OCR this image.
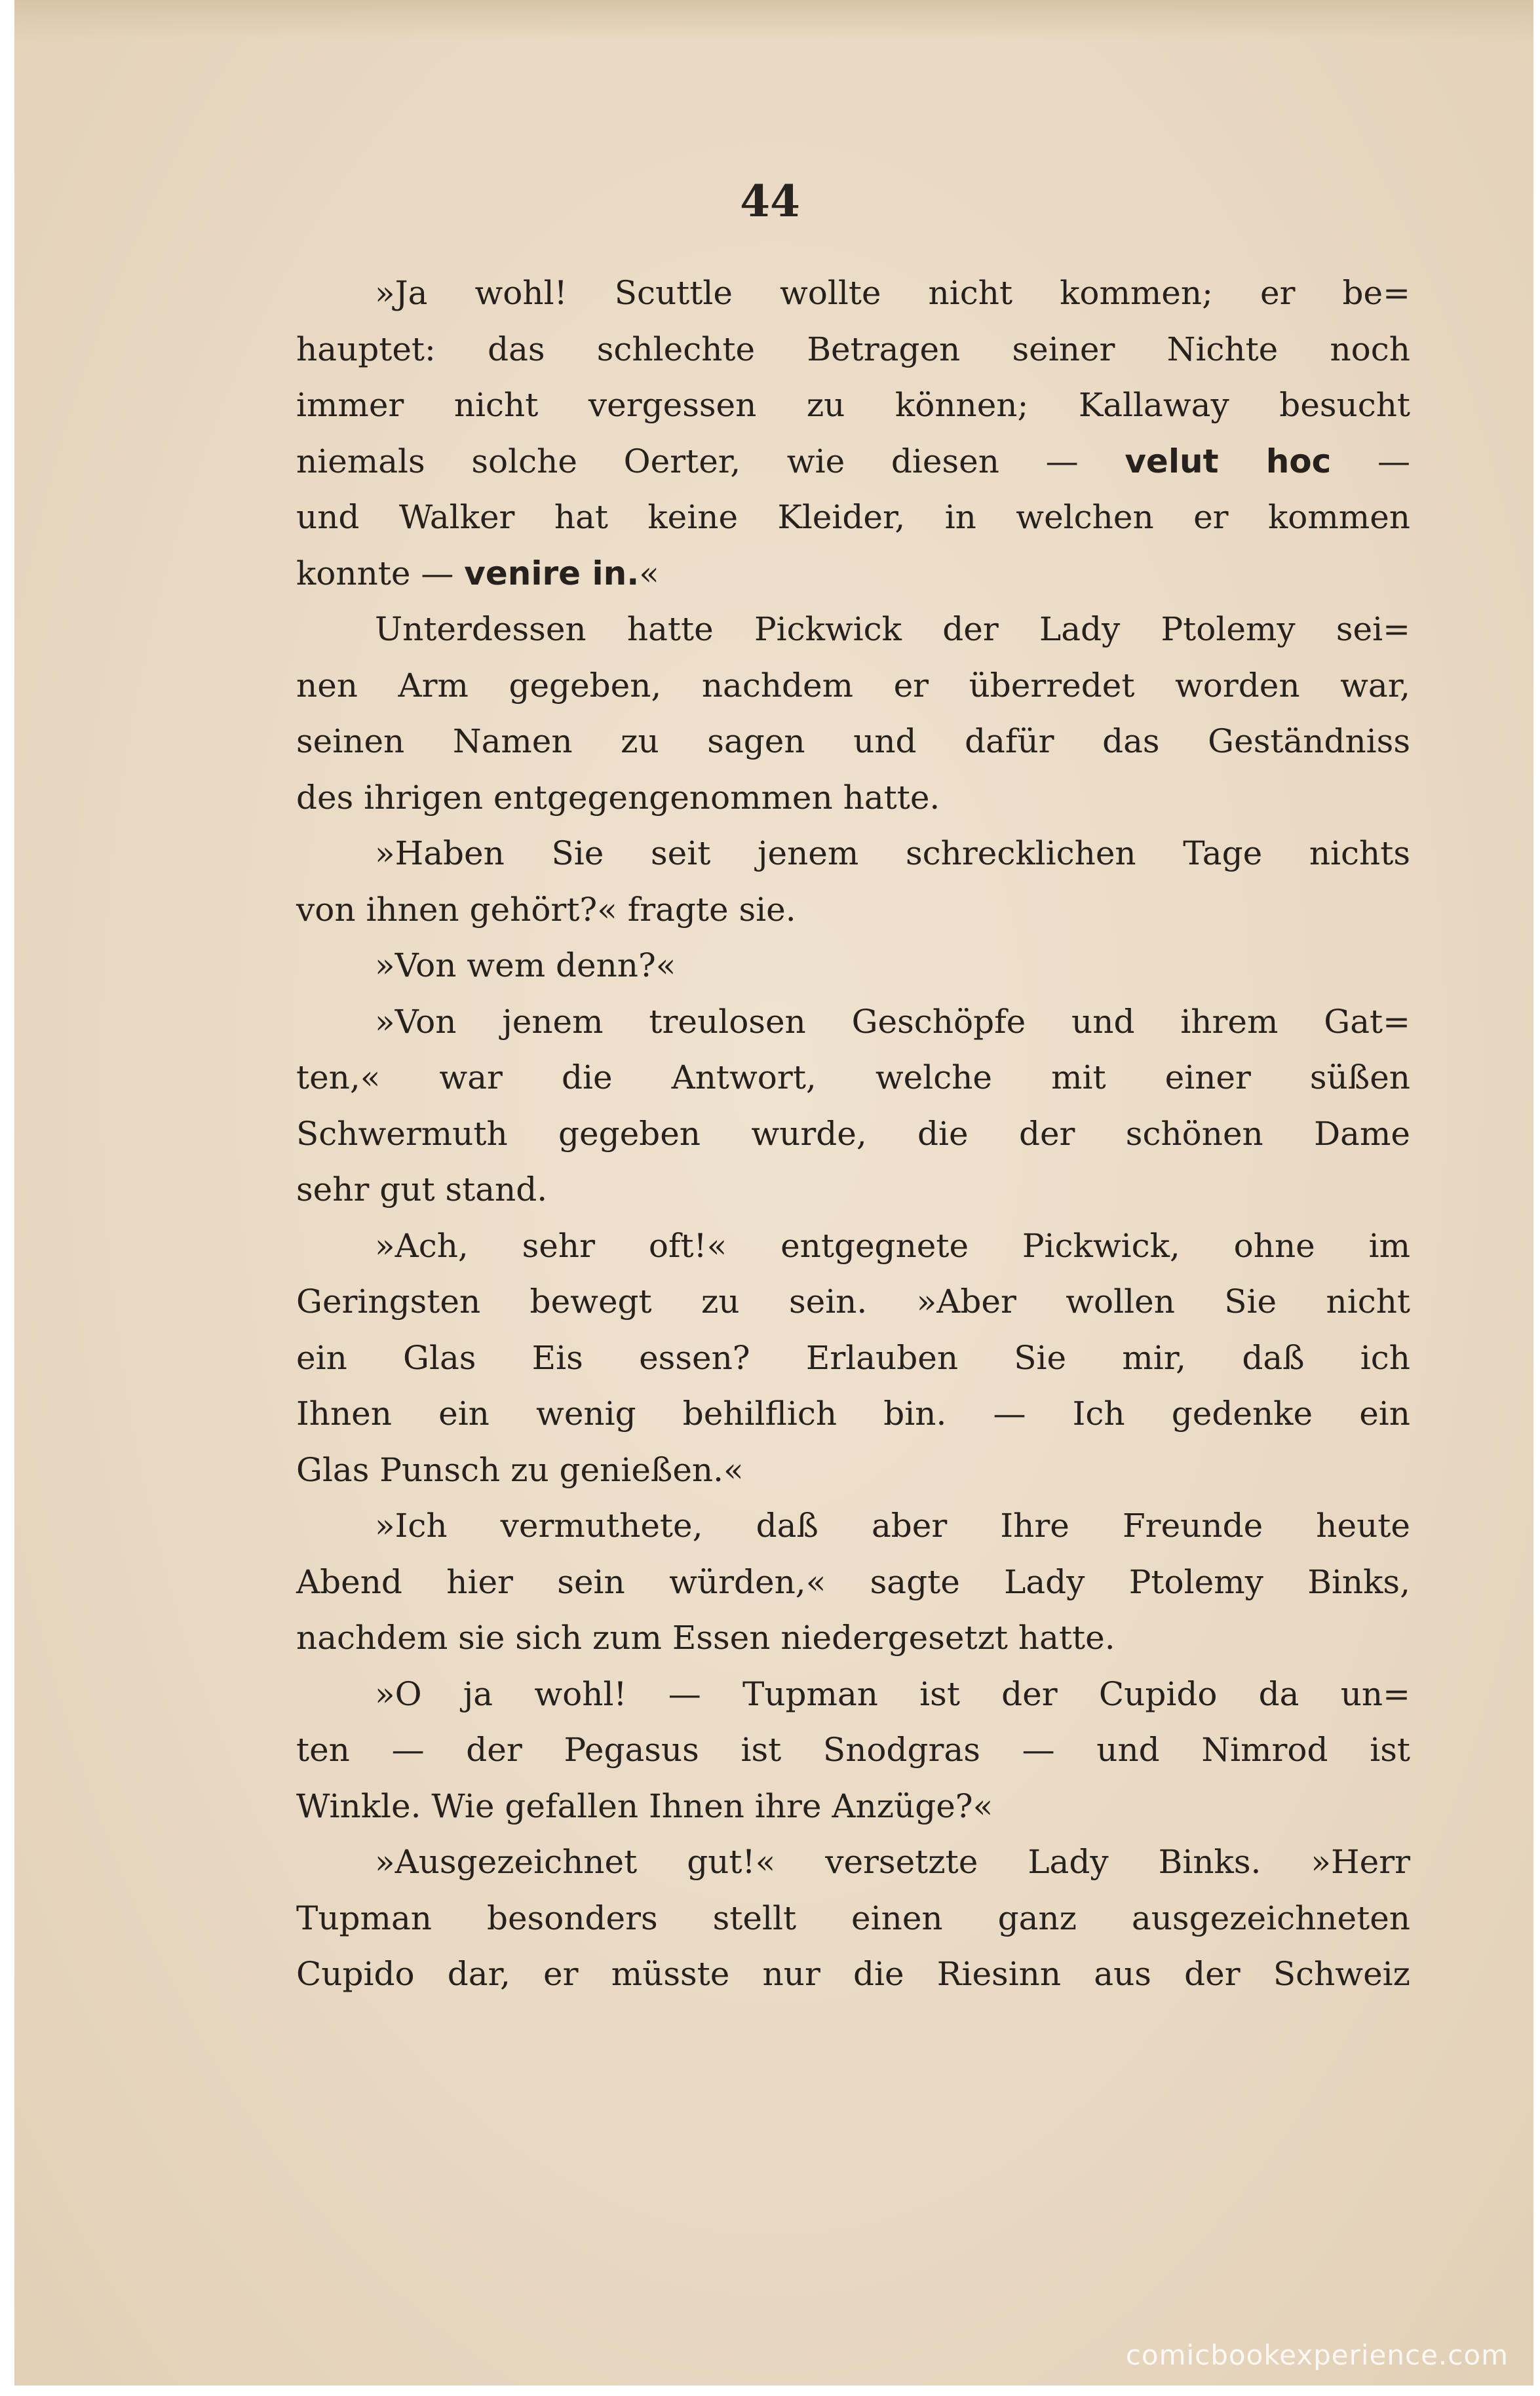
44
»Ja wohl! Scuttle wollte nicht kommen; er be=
hauptet: das schlechte Betragen seiner Nichte noch
immer nicht vergessen zu können; Kallaway besucht
niemals solche Oerter, wie diesen — velut hoc —
und Walker hat keine Kleider, in welchen er kommen
konnte — venire in.«
Unterdessen hatte Pickwick der Lady Ptolemy sei=
nen Arm gegeben, nachdem er überredet worden war,
seinen Namen zu sagen und dafür das Geständniss
des ihrigen entgegengenommen hatte.
»Haben Sie seit jenem schrecklichen Tage nichts
von ihnen gehört?« fragte sie.
»Von wem denn?«
»Von jenem treulosen Geschöpfe und ihrem Gat=
ten,« war die Antwort, welche mit einer süßen
Schwermuth gegeben wurde, die der schönen Dame
sehr gut stand.
»Ach, sehr oft!« entgegnete Pickwick, ohne im
Geringsten bewegt zu sein. »Aber wollen Sie nicht
ein Glas Eis essen? Erlauben Sie mir, daß ich
Ihnen ein wenig behilflich bin. — Ich gedenke ein
Glas Punsch zu genießen.«
»Ich vermuthete, daß aber Ihre Freunde heute
Abend hier sein würden,« sagte Lady Ptolemy Binks,
nachdem sie sich zum Essen niedergesetzt hatte.
»O ja wohl! — Tupman ist der Cupido da un=
ten — der Pegasus ist Snodgras — und Nimrod ist
Winkle. Wie gefallen Ihnen ihre Anzüge?«
»Ausgezeichnet gut!« versetzte Lady Binks. »Herr
Tupman besonders stellt einen ganz ausgezeichneten
Cupido dar, er müsste nur die Riesinn aus der Schweiz
comicbookexperience.com
